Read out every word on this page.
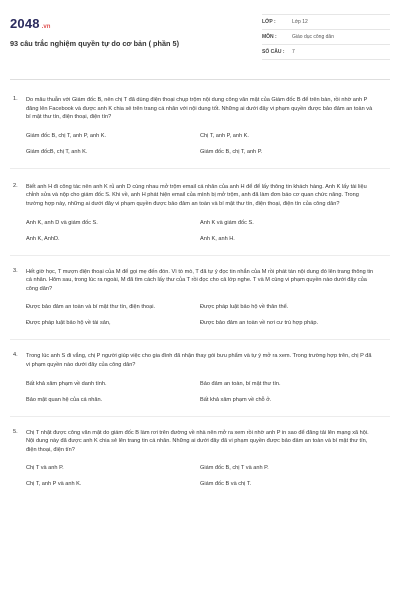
2048 .vn
93 câu trắc nghiệm quyền tự do cơ bản ( phần 5)
LỚP :	Lớp 12
MÔN :	Giáo dục công dân
SỐ CÂU :	7
1.	Do mâu thuẫn với Giám đốc B, nên chị T đã dùng điện thoại chụp trộm nội dung công văn mật của Giám đốc B để trên bàn, rồi nhờ anh P đăng lên Facebook và được anh K chia sẻ trên trang cá nhân với nội dung tốt. Những ai dưới đây vi phạm quyền được bảo đảm an toàn và bí mật thư tín, điện thoại, điện tín?
Giám đốc B, chị T, anh P, anh K.	Chị T, anh P, anh K.
Giám đốcB, chị T, anh K.	Giám đốc B, chị T, anh P.
2.	Biết anh H đi công tác nên anh K rủ anh D cùng nhau mở trộm email cá nhân của anh H để để lấy thông tin khách hàng. Anh K lấy tài liệu chỉnh sửa và nộp cho giám đốc S. Khi về, anh H phát hiện email của mình bị mở trộm, anh đã làm đơn báo cơ quan chức năng. Trong trường hợp này, những ai dưới đây vi phạm quyền được bảo đảm an toàn và bí mật thư tín, điện thoại, điện tín của công dân?
Anh K, anh D và giám đốc S.	Anh K và giám đốc S.
Anh K, AnhD.	Anh K, anh H.
3.	Hết giờ học, T mượn điện thoại của M để gọi mẹ đến đón. Vì tò mò, T đã tự ý đọc tin nhắn của M rồi phát tán nội dung đó lên trang thông tin cá nhân. Hôm sau, trong lúc ra ngoài, M đã tìm cách lấy thư của T rồi đọc cho cả lớp nghe. T và M cùng vi phạm quyền nào dưới đây của công dân?
Được bảo đảm an toàn và bí mật thư tín, điện thoại.	Được pháp luật bảo hộ về thân thể.
Được pháp luật bảo hộ về tài sản,	Được bảo đảm an toàn về nơi cư trú hợp pháp.
4.	Trong lúc anh S đi vắng, chị P người giúp việc cho gia đình đã nhận thay gói bưu phẩm và tự ý mở ra xem. Trong trường hợp trên, chị P đã vi phạm quyền nào dưới đây của công dân?
Bất khả xâm phạm về danh tính.	Bảo đảm an toàn, bí mật thư tín.
Bảo mật quan hệ của cá nhân.	Bất khả xâm phạm về chỗ ở.
5.	Chị T nhặt được công văn mật do giám đốc B làm rơi trên đường về nhà nên mở ra xem rồi nhờ anh P in sao để đăng tải lên mạng xã hội. Nội dung này đã được anh K chia sẻ lên trang tin cá nhân. Những ai dưới đây đã vi phạm quyền được bảo đảm an toàn và bí mật thư tín, điện thoại, điện tín?
Chị T và anh P.	Giám đốc B, chị T và anh P.
Chị T, anh P và anh K.	Giám đốc B và chị T.
